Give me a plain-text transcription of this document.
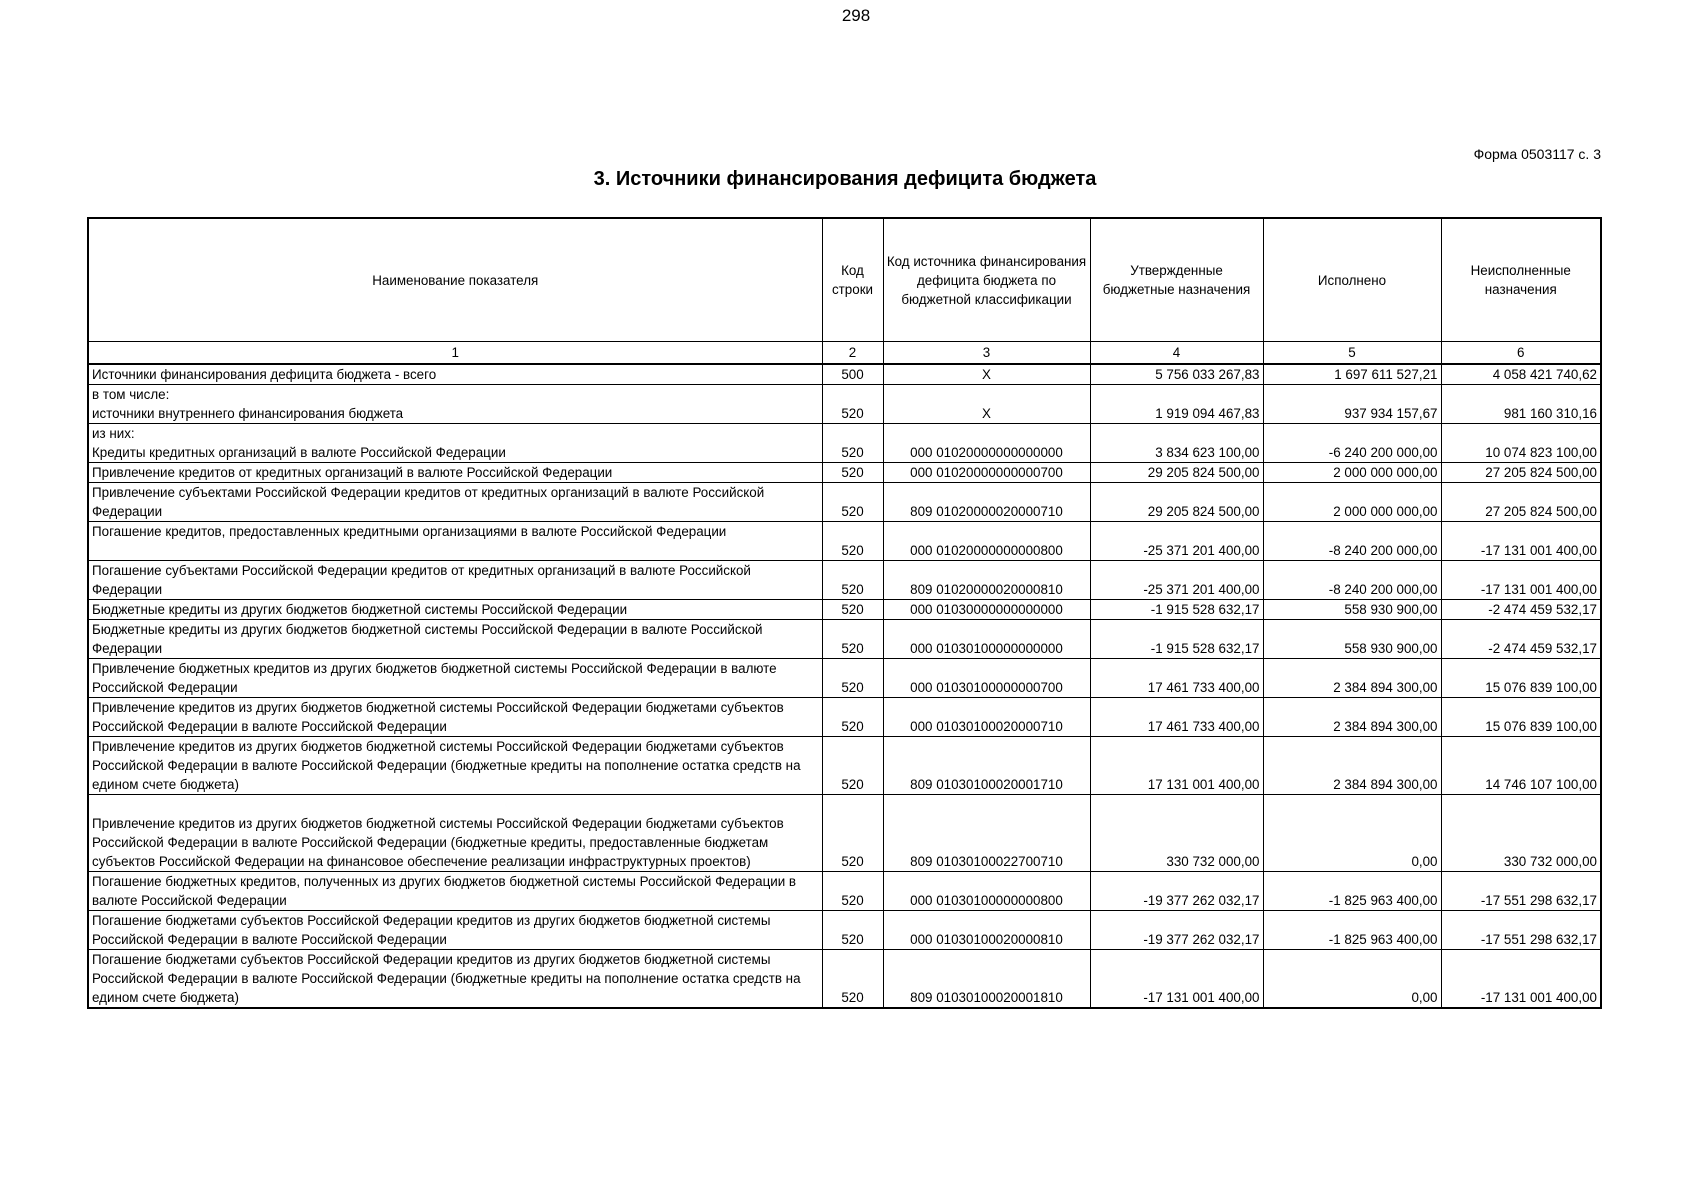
298
Форма 0503117 с. 3
3. Источники финансирования дефицита бюджета
Наименование показателя	Код строки	Код источника финансирования дефицита бюджета по бюджетной классификации	Утвержденные бюджетные назначения	Исполнено	Неисполненные назначения
1	2	3	4	5	6
Источники финансирования дефицита бюджета - всего	500	X	5 756 033 267,83	1 697 611 527,21	4 058 421 740,62
в том числе:					
источники внутреннего финансирования бюджета	520	X	1 919 094 467,83	937 934 157,67	981 160 310,16
из них:					
Кредиты кредитных организаций в валюте Российской Федерации	520	000 01020000000000000	3 834 623 100,00	-6 240 200 000,00	10 074 823 100,00
Привлечение кредитов от кредитных организаций в валюте Российской Федерации	520	000 01020000000000700	29 205 824 500,00	2 000 000 000,00	27 205 824 500,00
Привлечение субъектами Российской Федерации кредитов от кредитных организаций в валюте Российской Федерации	520	809 01020000020000710	29 205 824 500,00	2 000 000 000,00	27 205 824 500,00
Погашение кредитов, предоставленных кредитными организациями в валюте Российской Федерации	520	000 01020000000000800	-25 371 201 400,00	-8 240 200 000,00	-17 131 001 400,00
Погашение субъектами Российской Федерации кредитов от кредитных организаций в валюте Российской Федерации	520	809 01020000020000810	-25 371 201 400,00	-8 240 200 000,00	-17 131 001 400,00
Бюджетные кредиты из других бюджетов бюджетной системы Российской Федерации	520	000 01030000000000000	-1 915 528 632,17	558 930 900,00	-2 474 459 532,17
Бюджетные кредиты из других бюджетов бюджетной системы Российской Федерации в валюте Российской Федерации	520	000 01030100000000000	-1 915 528 632,17	558 930 900,00	-2 474 459 532,17
Привлечение бюджетных кредитов из других бюджетов бюджетной системы Российской Федерации в валюте Российской Федерации	520	000 01030100000000700	17 461 733 400,00	2 384 894 300,00	15 076 839 100,00
Привлечение кредитов из других бюджетов бюджетной системы Российской Федерации бюджетами субъектов Российской Федерации в валюте Российской Федерации	520	000 01030100020000710	17 461 733 400,00	2 384 894 300,00	15 076 839 100,00
Привлечение кредитов из других бюджетов бюджетной системы Российской Федерации бюджетами субъектов Российской Федерации в валюте Российской Федерации (бюджетные кредиты на пополнение остатка средств на едином счете бюджета)	520	809 01030100020001710	17 131 001 400,00	2 384 894 300,00	14 746 107 100,00
Привлечение кредитов из других бюджетов бюджетной системы Российской Федерации бюджетами субъектов Российской Федерации в валюте Российской Федерации (бюджетные кредиты, предоставленные бюджетам субъектов Российской Федерации на финансовое обеспечение реализации инфраструктурных проектов)	520	809 01030100022700710	330 732 000,00	0,00	330 732 000,00
Погашение бюджетных кредитов, полученных из других бюджетов бюджетной системы Российской Федерации в валюте Российской Федерации	520	000 01030100000000800	-19 377 262 032,17	-1 825 963 400,00	-17 551 298 632,17
Погашение бюджетами субъектов Российской Федерации кредитов из других бюджетов бюджетной системы Российской Федерации в валюте Российской Федерации	520	000 01030100020000810	-19 377 262 032,17	-1 825 963 400,00	-17 551 298 632,17
Погашение бюджетами субъектов Российской Федерации кредитов из других бюджетов бюджетной системы Российской Федерации в валюте Российской Федерации (бюджетные кредиты на пополнение остатка средств на едином счете бюджета)	520	809 01030100020001810	-17 131 001 400,00	0,00	-17 131 001 400,00
